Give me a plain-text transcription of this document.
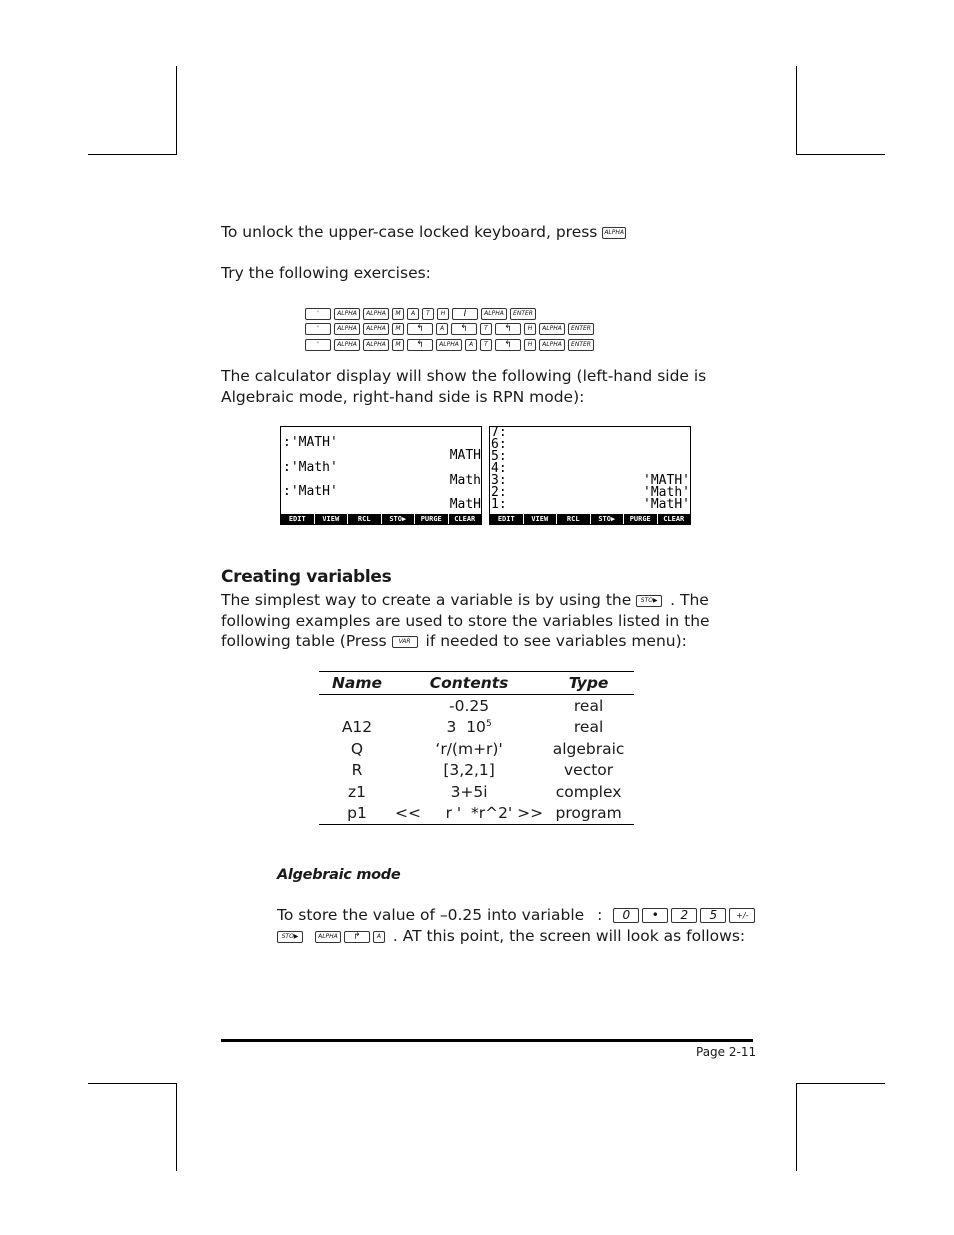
To unlock the upper-case locked keyboard, press ALPHA
Try the following exercises:
'	ALPHA ALPHA M A T H I	ALPHA ENTER
'	ALPHA ALPHA M ↰	A ↰	T ↰	H ALPHA ENTER
'	ALPHA ALPHA M ↰	ALPHA A T ↰	H ALPHA ENTER
The calculator display will show the following (left-hand side is Algebraic mode, right-hand side is RPN mode):
:'MATH'
MATH
:'Math'
Math
:'MatH'
MatH
EDIT	VIEW	RCL	STO▶	PURGE	CLEAR
7:
6:
5:
4:
3:
2:
1:
'MATH'
'Math'
'MatH'
EDIT	VIEW	RCL	STO▶	PURGE	CLEAR
Creating variables
The simplest way to create a variable is by using the STO▶ . The following examples are used to store the variables listed in the following table (Press VAR if needed to see variables menu):
Name	Contents	Type
	-0.25	real
A12	3  $10^5$	real
Q	‘r/(m+r)'	algebraic
R	[3,2,1]	vector
z1	3+5i	complex
p1	<<     r '  *r^2' >>	program
Algebraic mode
To store the value of –0.25 into variable : 0 • 2 5 +/-
STO▶	ALPHA ↱	A . AT this point, the screen will look as follows:
Page 2-11
